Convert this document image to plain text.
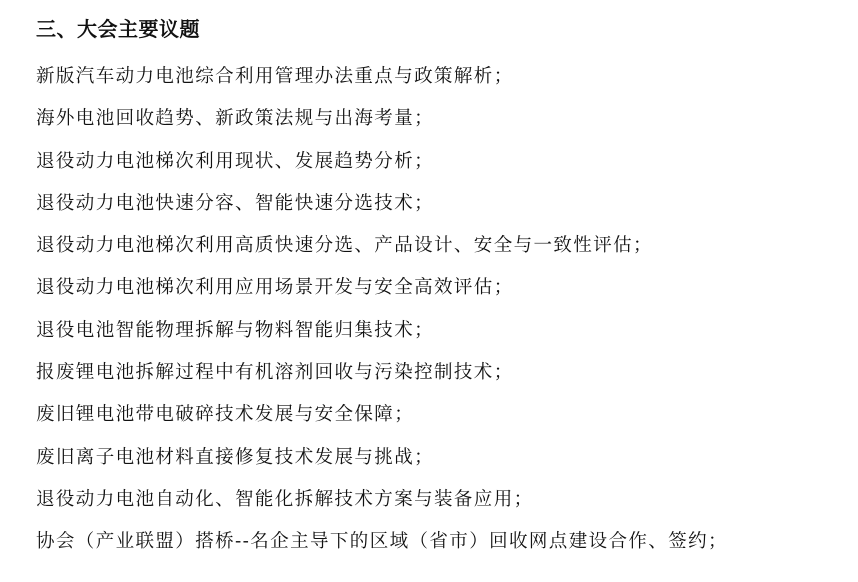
三、大会主要议题
新版汽车动力电池综合利用管理办法重点与政策解析；
海外电池回收趋势、新政策法规与出海考量；
退役动力电池梯次利用现状、发展趋势分析；
退役动力电池快速分容、智能快速分选技术；
退役动力电池梯次利用高质快速分选、产品设计、安全与一致性评估；
退役动力电池梯次利用应用场景开发与安全高效评估；
退役电池智能物理拆解与物料智能归集技术；
报废锂电池拆解过程中有机溶剂回收与污染控制技术；
废旧锂电池带电破碎技术发展与安全保障；
废旧离子电池材料直接修复技术发展与挑战；
退役动力电池自动化、智能化拆解技术方案与装备应用；
协会（产业联盟）搭桥--名企主导下的区域（省市）回收网点建设合作、签约；
